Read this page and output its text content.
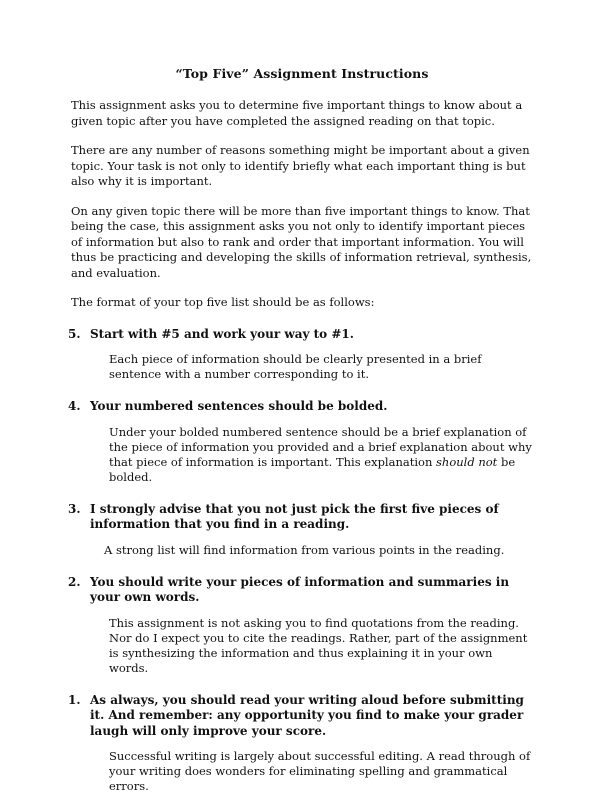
“Top Five” Assignment Instructions

This assignment asks you to determine five important things to know about a given topic after you have completed the assigned reading on that topic.

There are any number of reasons something might be important about a given topic. Your task is not only to identify briefly what each important thing is but also why it is important.

On any given topic there will be more than five important things to know. That being the case, this assignment asks you not only to identify important pieces of information but also to rank and order that important information. You will thus be practicing and developing the skills of information retrieval, synthesis, and evaluation.

The format of your top five list should be as follows:

5. Start with #5 and work your way to #1.
Each piece of information should be clearly presented in a brief sentence with a number corresponding to it.
4. Your numbered sentences should be bolded.
Under your bolded numbered sentence should be a brief explanation of the piece of information you provided and a brief explanation about why that piece of information is important. This explanation should not be bolded.
3. I strongly advise that you not just pick the first five pieces of information that you find in a reading.
A strong list will find information from various points in the reading.
2. You should write your pieces of information and summaries in your own words.
This assignment is not asking you to find quotations from the reading. Nor do I expect you to cite the readings. Rather, part of the assignment is synthesizing the information and thus explaining it in your own words.
1. As always, you should read your writing aloud before submitting it. And remember: any opportunity you find to make your grader laugh will only improve your score.
Successful writing is largely about successful editing. A read through of your writing does wonders for eliminating spelling and grammatical errors.
